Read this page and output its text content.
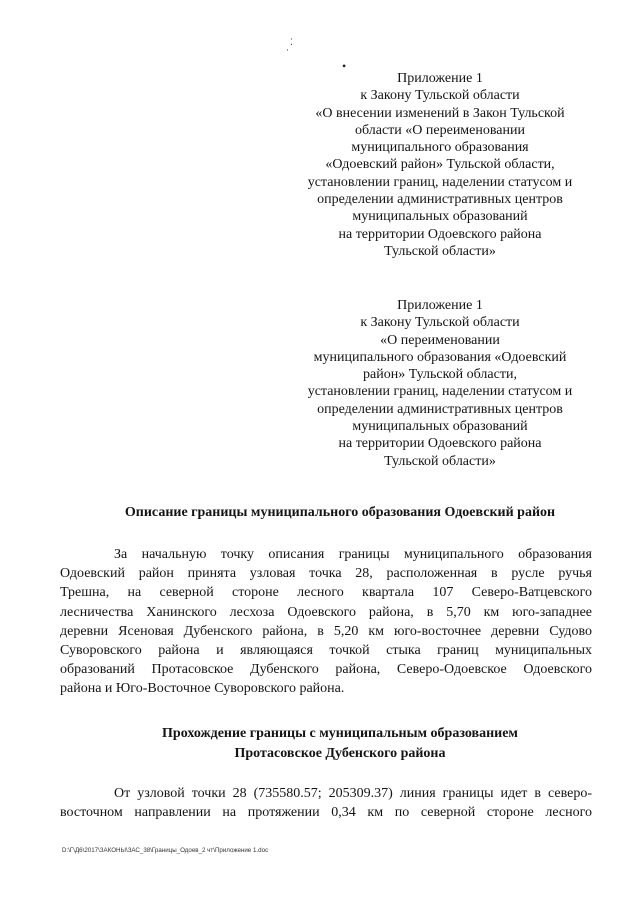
⁚
·
•
Приложение 1
к Закону Тульской области
«О внесении изменений в Закон Тульской
области «О переименовании
муниципального образования
«Одоевский район» Тульской области,
установлении границ, наделении статусом и
определении административных центров
муниципальных образований
на территории Одоевского района
Тульской области»
Приложение 1
к Закону Тульской области
«О переименовании
муниципального образования «Одоевский
район» Тульской области,
установлении границ, наделении статусом и
определении административных центров
муниципальных образований
на территории Одоевского района
Тульской области»
Описание границы муниципального образования Одоевский район
За начальную точку описания границы муниципального образования
Одоевский район принята узловая точка 28, расположенная в русле ручья
Трешна, на северной стороне лесного квартала 107 Северо-Ватцевского
лесничества Ханинского лесхоза Одоевского района, в 5,70 км юго-западнее
деревни Ясеновая Дубенского района, в 5,20 км юго-восточнее деревни Судово
Суворовского района и являющаяся точкой стыка границ муниципальных
образований Протасовское Дубенского района, Северо-Одоевское Одоевского
района и Юго-Восточное Суворовского района.
Прохождение границы с муниципальным образованием
Протасовское Дубенского района
От узловой точки 28 (735580.57; 205309.37) линия границы идет в северо-
восточном направлении на протяжении 0,34 км по северной стороне лесного
D:\Г\Д6\2017\ЗАКОНЫ\ЗАС_38\Границы_Одоев_2 чт\Приложение 1.doc
